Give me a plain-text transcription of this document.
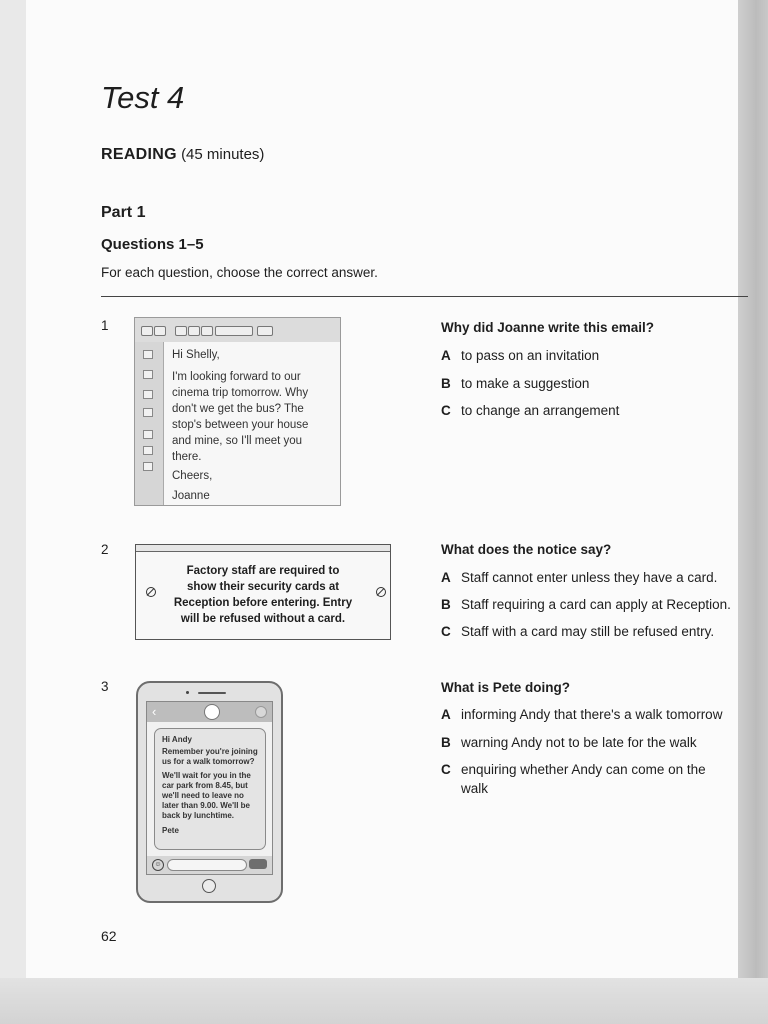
Test 4
READING (45 minutes)
Part 1
Questions 1–5
For each question, choose the correct answer.
1
Hi Shelly,
I'm looking forward to our
cinema trip tomorrow. Why
don't we get the bus? The
stop's between your house
and mine, so I'll meet you
there.
Cheers,
Joanne
Why did Joanne write this email?
A to pass on an invitation
B to make a suggestion
C to change an arrangement
2
Factory staff are required to
show their security cards at
Reception before entering. Entry
will be refused without a card.
What does the notice say?
A Staff cannot enter unless they have a card.
B Staff requiring a card can apply at Reception.
C Staff with a card may still be refused entry.
3
‹
Hi Andy
Remember you're joining
us for a walk tomorrow?
We'll wait for you in the
car park from 8.45, but
we'll need to leave no
later than 9.00. We'll be
back by lunchtime.
Pete
☺
What is Pete doing?
A informing Andy that there's a walk tomorrow
B warning Andy not to be late for the walk
C enquiring whether Andy can come on the walk
62
